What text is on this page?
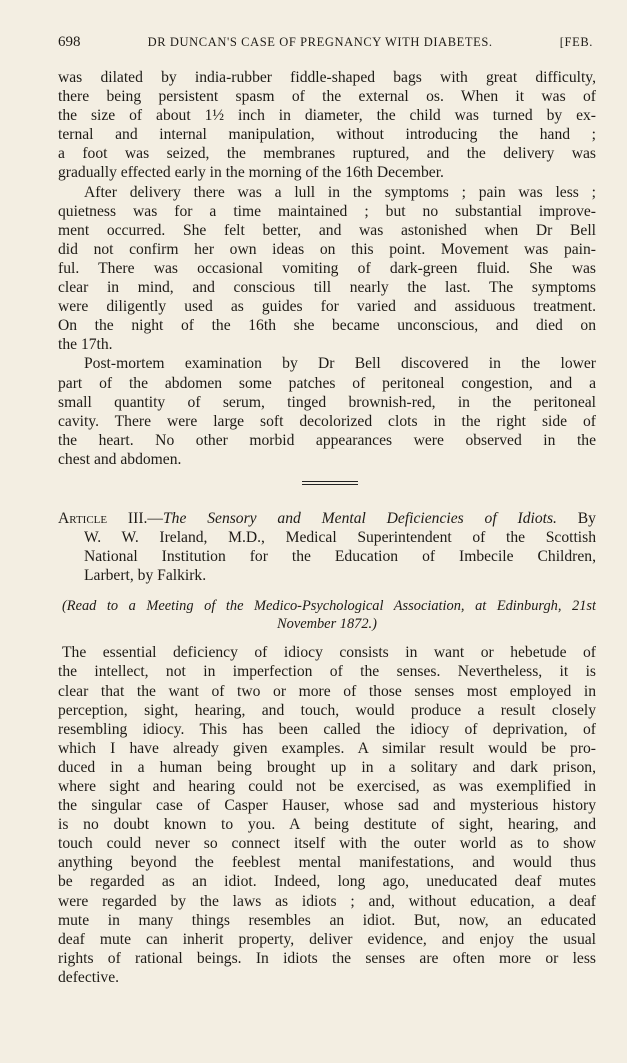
698	DR DUNCAN'S CASE OF PREGNANCY WITH DIABETES.	[FEB.
was dilated by india-rubber fiddle-shaped bags with great difficulty,
there being persistent spasm of the external os. When it was of
the size of about 1½ inch in diameter, the child was turned by ex-
ternal and internal manipulation, without introducing the hand ;
a foot was seized, the membranes ruptured, and the delivery was
gradually effected early in the morning of the 16th December.
After delivery there was a lull in the symptoms ; pain was less ;
quietness was for a time maintained ; but no substantial improve-
ment occurred. She felt better, and was astonished when Dr Bell
did not confirm her own ideas on this point. Movement was pain-
ful. There was occasional vomiting of dark-green fluid. She was
clear in mind, and conscious till nearly the last. The symptoms
were diligently used as guides for varied and assiduous treatment.
On the night of the 16th she became unconscious, and died on
the 17th.
Post-mortem examination by Dr Bell discovered in the lower
part of the abdomen some patches of peritoneal congestion, and a
small quantity of serum, tinged brownish-red, in the peritoneal
cavity. There were large soft decolorized clots in the right side of
the heart. No other morbid appearances were observed in the
chest and abdomen.
Article III.—The Sensory and Mental Deficiencies of Idiots. By
W. W. Ireland, M.D., Medical Superintendent of the Scottish
National Institution for the Education of Imbecile Children,
Larbert, by Falkirk.
(Read to a Meeting of the Medico-Psychological Association, at Edinburgh, 21st
November 1872.)
The essential deficiency of idiocy consists in want or hebetude of
the intellect, not in imperfection of the senses. Nevertheless, it is
clear that the want of two or more of those senses most employed in
perception, sight, hearing, and touch, would produce a result closely
resembling idiocy. This has been called the idiocy of deprivation, of
which I have already given examples. A similar result would be pro-
duced in a human being brought up in a solitary and dark prison,
where sight and hearing could not be exercised, as was exemplified in
the singular case of Casper Hauser, whose sad and mysterious history
is no doubt known to you. A being destitute of sight, hearing, and
touch could never so connect itself with the outer world as to show
anything beyond the feeblest mental manifestations, and would thus
be regarded as an idiot. Indeed, long ago, uneducated deaf mutes
were regarded by the laws as idiots ; and, without education, a deaf
mute in many things resembles an idiot. But, now, an educated
deaf mute can inherit property, deliver evidence, and enjoy the usual
rights of rational beings. In idiots the senses are often more or less
defective.
